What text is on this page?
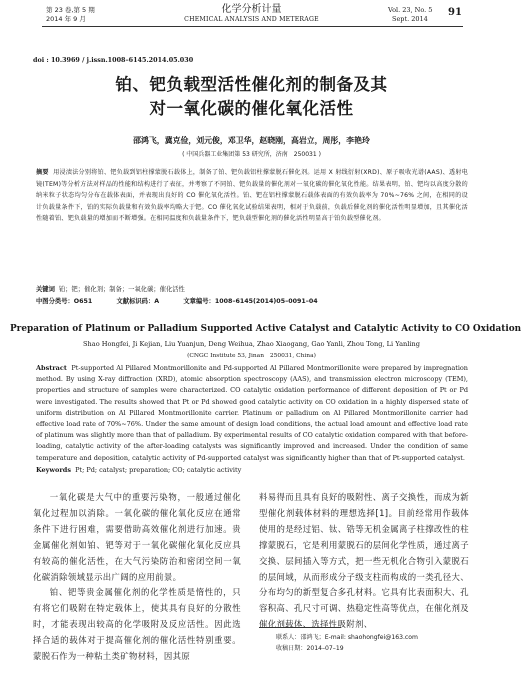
第 23 卷,第 5 期
2014 年 9 月
化学分析计量
CHEMICAL ANALYSIS AND METERAGE
Vol. 23, No. 5
Sept. 2014
91
doi : 10.3969 / j.issn.1008–6145.2014.05.030
铂、钯负载型活性催化剂的制备及其
对一氧化碳的催化氧化活性
邵鸿飞，冀克俭，刘元俊，邓卫华，赵晓刚，高岩立，周彤，李艳玲
( 中国兵器工业集团第 53 研究所，济南　250031 )
摘要 用浸渍法分别将铂、钯负载到铝柱撑蒙脱石载体上，制备了铂、钯负载铝柱撑蒙脱石催化剂。运用 X 射线衍射(XRD)、原子吸收光谱(AAS)、透射电镜(TEM)等分析方法对样品的性能和结构进行了表征，并考察了不同铂、钯负载量的催化剂对一氧化碳的催化氧化性能。结果表明，铂、钯均以高度分散的纳米粒子状态均匀分布在载体表面，并表现出良好的 CO 催化氧化活性。铂、钯在铝柱撑蒙脱石载体表面的有效负载率为 70%~76% 之间，在相同的设计负载量条件下，铂的实际负载量和有效负载率均略大于钯。CO 催化氧化试验结果表明，相对于负载前，负载后催化剂的催化活性明显增加，且其催化活性随着铂、钯负载量的增加而不断增强。在相同温度和负载量条件下，钯负载型催化剂的催化活性明显高于铂负载型催化剂。
关键词 铂；钯；催化剂；制备；一氧化碳；催化活性
中图分类号：O651	文献标识码：A	文章编号：1008–6145(2014)05–0091–04
Preparation of Platinum or Palladium Supported Active Catalyst and Catalytic Activity to CO Oxidation
Shao Hongfei, Ji Kejian, Liu Yuanjun, Deng Weihua, Zhao Xiaogang, Gao Yanli, Zhou Tong, Li Yanling
(CNGC Institute 53, Jinan　250031, China)
Abstract Pt-supported Al Pillared Montmorillonite and Pd-supported Al Pillared Montmorillonite were prepared by impregnation method. By using X-ray diffraction (XRD), atomic absorption spectroscopy (AAS), and transmission electron microscopy (TEM), properties and structure of samples were characterized. CO catalytic oxidation performance of different deposition of Pt or Pd were investigated. The results showed that Pt or Pd showed good catalytic activity on CO oxidation in a highly dispersed state of uniform distribution on Al Pillared Montmorillonite carrier. Platinum or palladium on Al Pillared Montmorillonite carrier had effective load rate of 70%~76%. Under the same amount of design load conditions, the actual load amount and effective load rate of platinum was slightly more than that of palladium. By experimental results of CO catalytic oxidation compared with that before-loading, catalytic activity of the after-loading catalysts was significantly improved and increased. Under the condition of same temperature and deposition, catalytic activity of Pd-supported catalyst was significantly higher than that of Pt-supported catalyst.
Keywords Pt; Pd; catalyst; preparation; CO; catalytic activity

一氧化碳是大气中的重要污染物，一般通过催化氧化过程加以消除。一氧化碳的催化氧化反应在通常条件下进行困难，需要借助高效催化剂进行加速。贵金属催化剂如铂、钯等对于一氧化碳催化氧化反应具有较高的催化活性，在大气污染防治和密闭空间一氧化碳消除领域显示出广阔的应用前景。

铂、钯等贵金属催化剂的化学性质是惰性的，只有将它们吸附在特定载体上，使其具有良好的分散性时，才能表现出较高的化学吸附及反应活性。因此选择合适的载体对于提高催化剂的催化活性特别重要。蒙脱石作为一种粘土类矿物材料，因其原

料易得而且具有良好的吸附性、离子交换性，而成为新型催化剂载体材料的理想选择[1]。目前经常用作载体使用的是经过铝、钛、锆等无机金属离子柱撑改性的柱撑蒙脱石，它是利用蒙脱石的层间化学性质，通过离子交换、层间插入等方式，把一些无机化合物引入蒙脱石的层间域，从而形成分子级支柱而构成的一类孔径大、分布均匀的新型复合多孔材料。它具有比表面积大、孔容积高、孔尺寸可调、热稳定性高等优点，在催化剂及催化剂载体、选择性吸附剂、

联系人：邵鸿飞；E-mail: shaohongfei@163.com
收稿日期：2014–07–19
